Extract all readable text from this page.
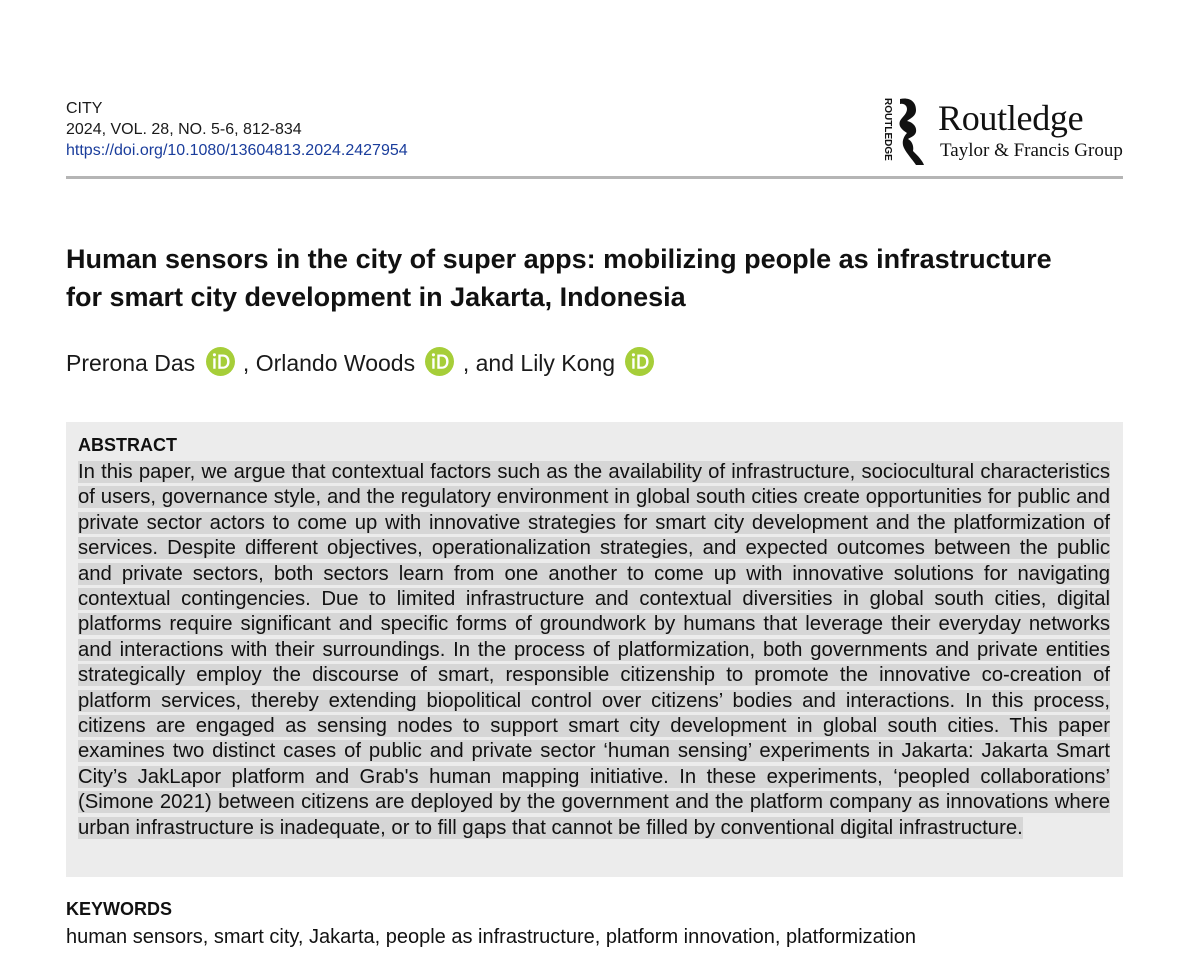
CITY
2024, VOL. 28, NO. 5-6, 812-834
https://doi.org/10.1080/13604813.2024.2427954	ROUTLEDGE Routledge
Taylor & Francis Group
Human sensors in the city of super apps: mobilizing people as infrastructure for smart city development in Jakarta, Indonesia
Prerona Das , Orlando Woods , and Lily Kong
ABSTRACT

In this paper, we argue that contextual factors such as the availability of infrastructure, sociocultural characteristics of users, governance style, and the regulatory environment in global south cities create opportunities for public and private sector actors to come up with innovative strategies for smart city development and the platformization of services. Despite different objectives, operationalization strategies, and expected outcomes between the public and private sectors, both sectors learn from one another to come up with innovative solutions for navigating contextual contingencies. Due to limited infrastructure and contextual diversities in global south cities, digital platforms require significant and specific forms of groundwork by humans that leverage their everyday networks and interactions with their surroundings. In the process of platformization, both governments and private entities strategically employ the discourse of smart, responsible citizenship to promote the innovative co-creation of platform services, thereby extending biopolitical control over citizens’ bodies and interactions. In this process, citizens are engaged as sensing nodes to support smart city development in global south cities. This paper examines two distinct cases of public and private sector ‘human sensing’ experiments in Jakarta: Jakarta Smart City’s JakLapor platform and Grab's human mapping initiative. In these experiments, ‘peopled collaborations’ (Simone 2021) between citizens are deployed by the government and the platform company as innovations where urban infrastructure is inadequate, or to fill gaps that cannot be filled by conventional digital infrastructure.

KEYWORDS
human sensors, smart city, Jakarta, people as infrastructure, platform innovation, platformization
